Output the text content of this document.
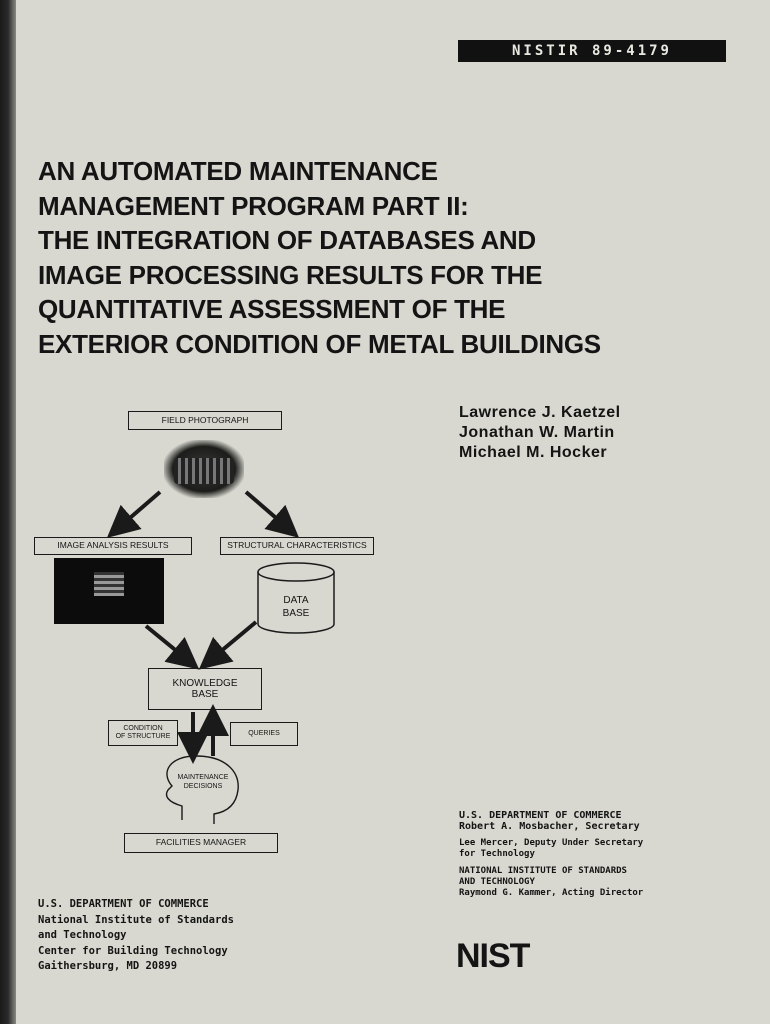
NISTIR 89-4179
AN AUTOMATED MAINTENANCE
MANAGEMENT PROGRAM PART II:
THE INTEGRATION OF DATABASES AND
IMAGE PROCESSING RESULTS FOR THE
QUANTITATIVE ASSESSMENT OF THE
EXTERIOR CONDITION OF METAL BUILDINGS
Lawrence J. Kaetzel
Jonathan W. Martin
Michael M. Hocker
FIELD PHOTOGRAPH
IMAGE ANALYSIS RESULTS	STRUCTURAL CHARACTERISTICS
DATA
BASE
KNOWLEDGE
BASE
CONDITION
OF STRUCTURE	QUERIES
MAINTENANCE
DECISIONS
FACILITIES MANAGER
U.S. DEPARTMENT OF COMMERCE
National Institute of Standards
and Technology
Center for Building Technology
Gaithersburg, MD 20899
U.S. DEPARTMENT OF COMMERCE
Robert A. Mosbacher, Secretary
Lee Mercer, Deputy Under Secretary
for Technology
NATIONAL INSTITUTE OF STANDARDS
AND TECHNOLOGY
Raymond G. Kammer, Acting Director
NIST
